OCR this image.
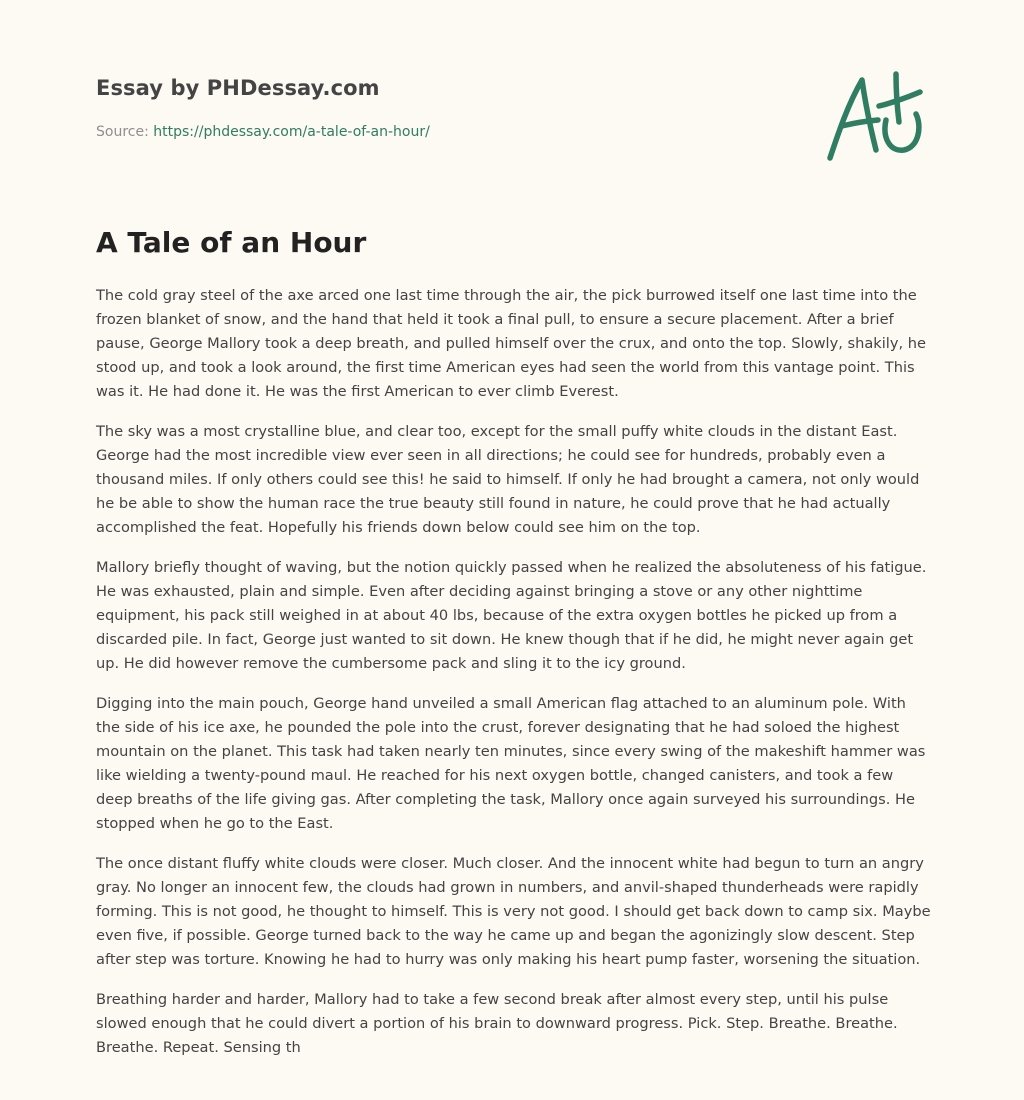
Essay by PHDessay.com

Source: https://phdessay.com/a-tale-of-an-hour/

A Tale of an Hour

The cold gray steel of the axe arced one last time through the air, the pick burrowed itself one last time into the frozen blanket of snow, and the hand that held it took a final pull, to ensure a secure placement. After a brief pause, George Mallory took a deep breath, and pulled himself over the crux, and onto the top. Slowly, shakily, he stood up, and took a look around, the first time American eyes had seen the world from this vantage point. This was it. He had done it. He was the first American to ever climb Everest.

The sky was a most crystalline blue, and clear too, except for the small puffy white clouds in the distant East. George had the most incredible view ever seen in all directions; he could see for hundreds, probably even a thousand miles. If only others could see this! he said to himself. If only he had brought a camera, not only would he be able to show the human race the true beauty still found in nature, he could prove that he had actually accomplished the feat. Hopefully his friends down below could see him on the top.

Mallory briefly thought of waving, but the notion quickly passed when he realized the absoluteness of his fatigue. He was exhausted, plain and simple. Even after deciding against bringing a stove or any other nighttime equipment, his pack still weighed in at about 40 lbs, because of the extra oxygen bottles he picked up from a discarded pile. In fact, George just wanted to sit down. He knew though that if he did, he might never again get up. He did however remove the cumbersome pack and sling it to the icy ground.

Digging into the main pouch, George hand unveiled a small American flag attached to an aluminum pole. With the side of his ice axe, he pounded the pole into the crust, forever designating that he had soloed the highest mountain on the planet. This task had taken nearly ten minutes, since every swing of the makeshift hammer was like wielding a twenty-pound maul. He reached for his next oxygen bottle, changed canisters, and took a few deep breaths of the life giving gas. After completing the task, Mallory once again surveyed his surroundings. He stopped when he go to the East.

The once distant fluffy white clouds were closer. Much closer. And the innocent white had begun to turn an angry gray. No longer an innocent few, the clouds had grown in numbers, and anvil-shaped thunderheads were rapidly forming. This is not good, he thought to himself. This is very not good. I should get back down to camp six. Maybe even five, if possible. George turned back to the way he came up and began the agonizingly slow descent. Step after step was torture. Knowing he had to hurry was only making his heart pump faster, worsening the situation.

Breathing harder and harder, Mallory had to take a few second break after almost every step, until his pulse slowed enough that he could divert a portion of his brain to downward progress. Pick. Step. Breathe. Breathe. Breathe. Repeat. Sensing th
